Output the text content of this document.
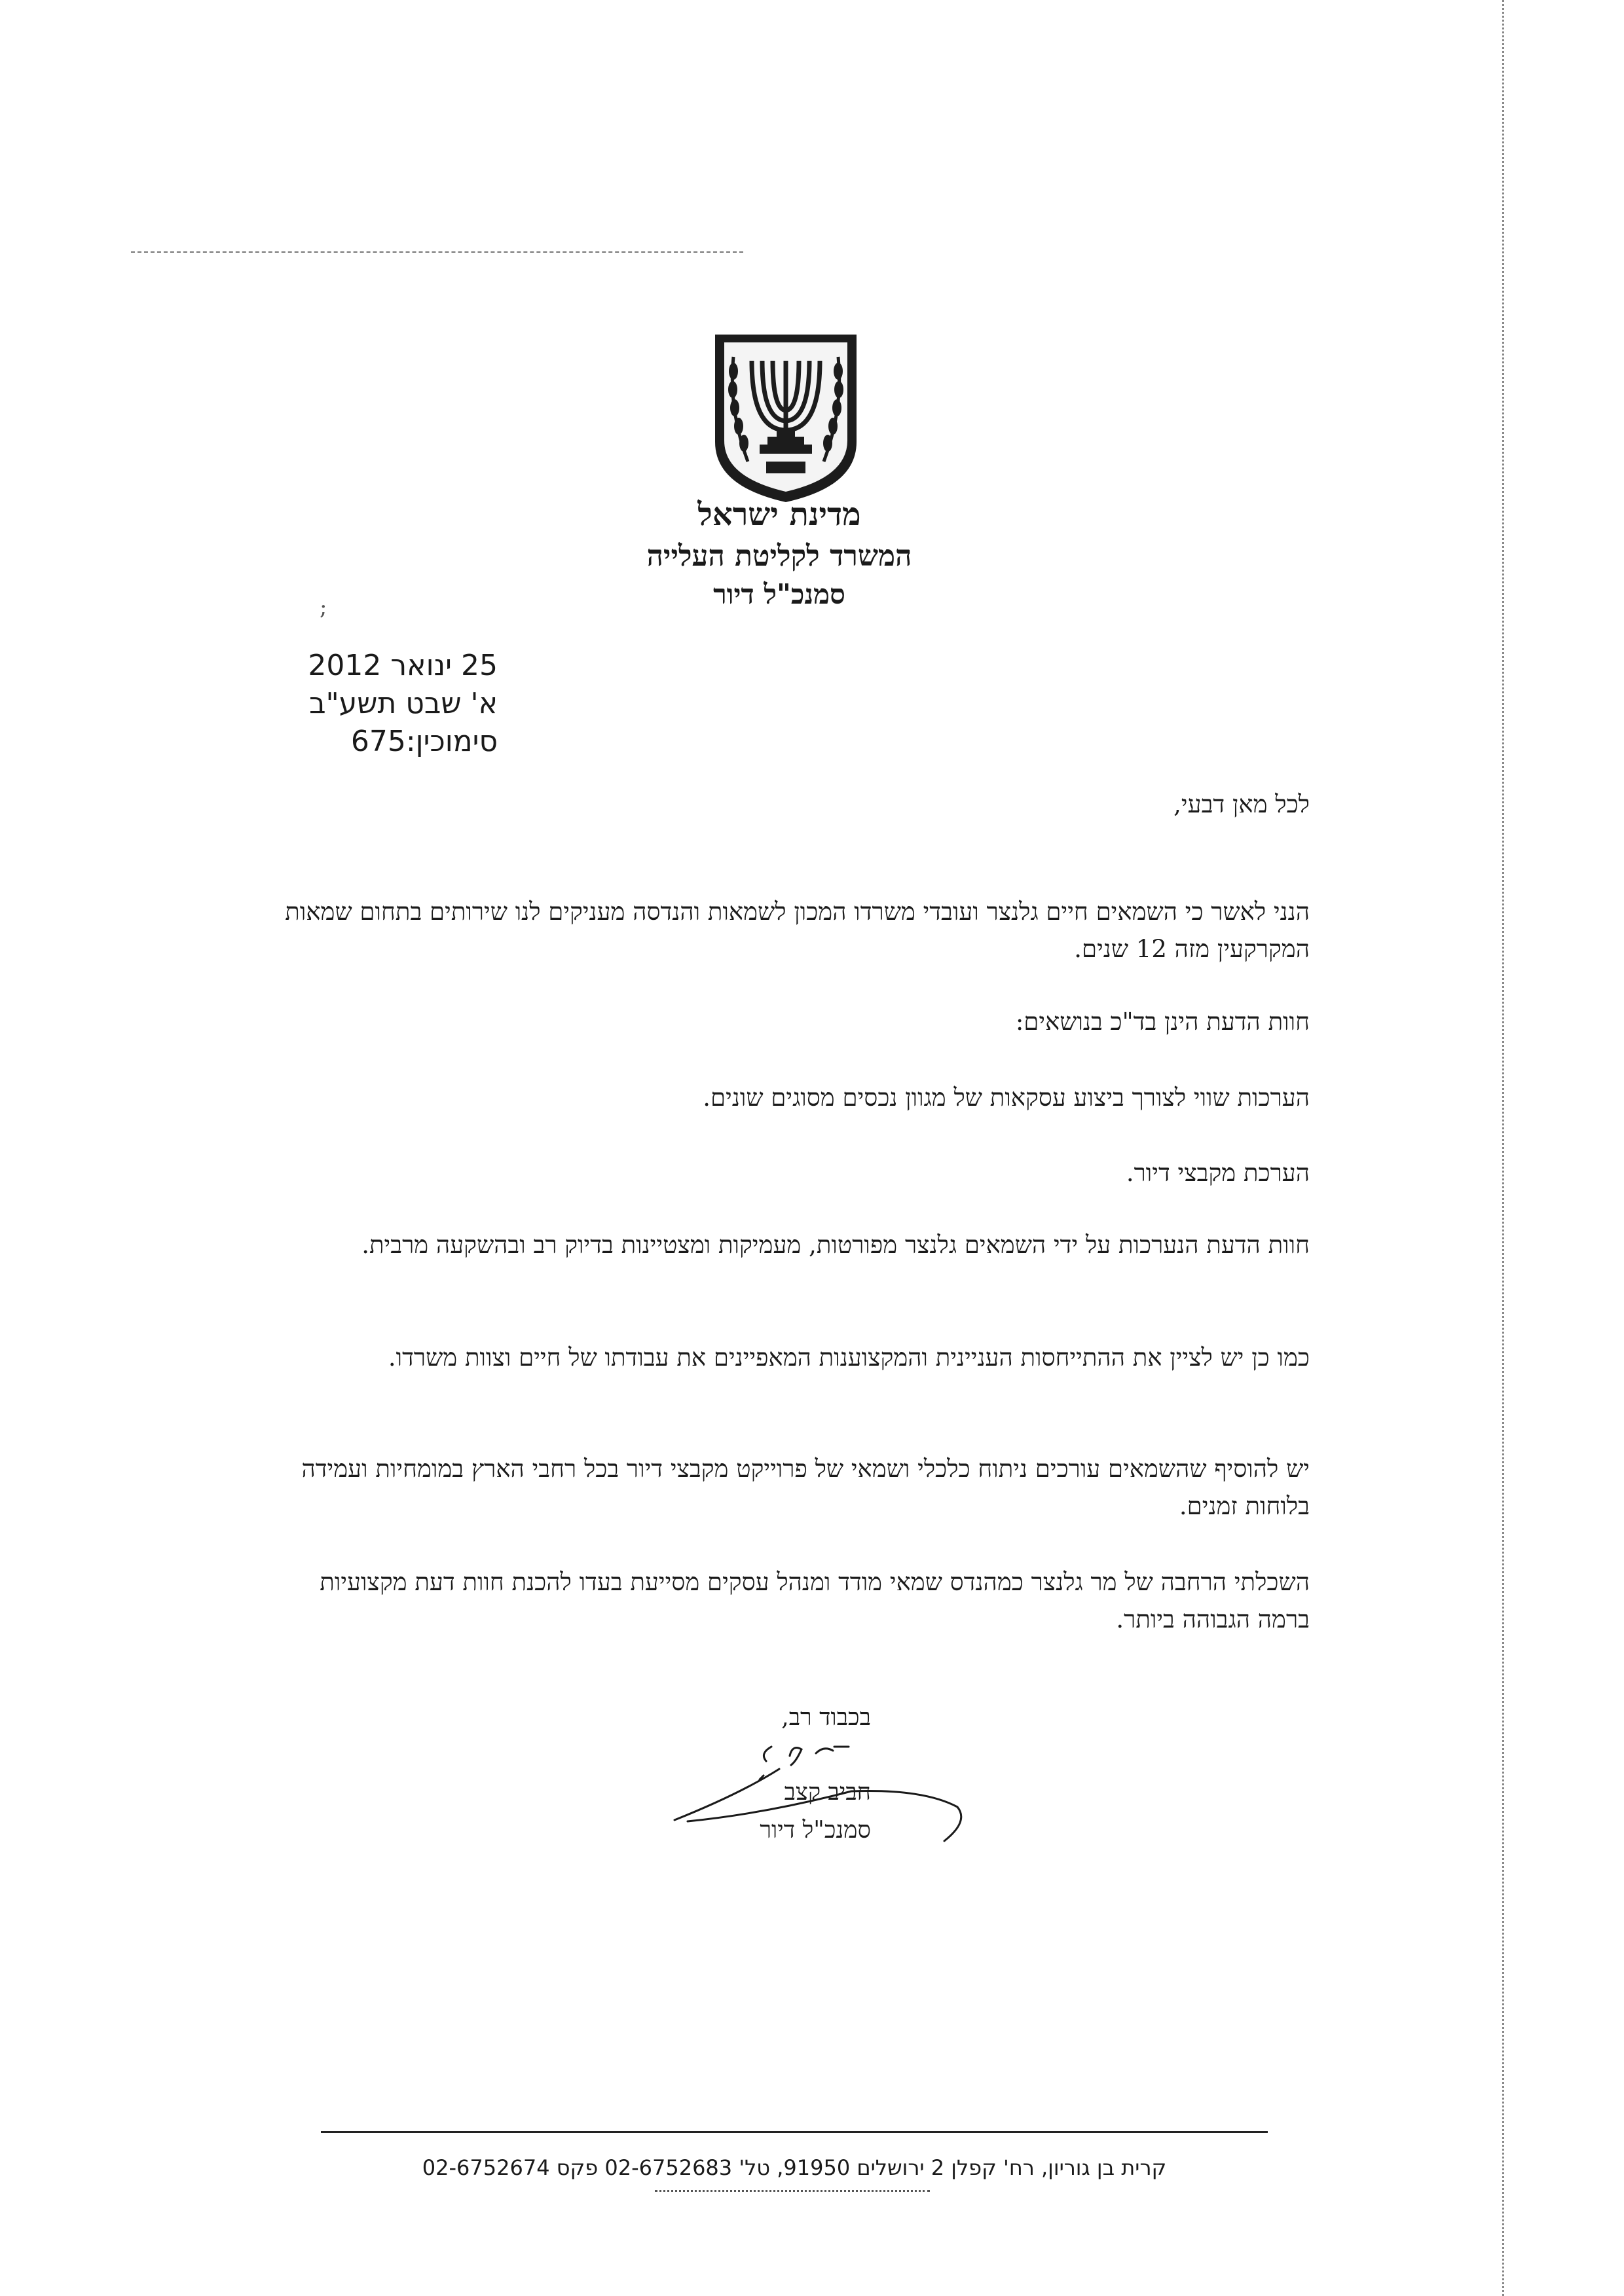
מדינת ישראל
המשרד לקליטת העלייה
סמנכ"ל דיור
;
25 ינואר 2012
א' שבט תשע"ב
סימוכין:675
לכל מאן דבעי,
הנני לאשר כי השמאים חיים גלנצר ועובדי משרדו המכון לשמאות והנדסה מעניקים לנו שירותים בתחום שמאות המקרקעין מזה 12 שנים.
חוות הדעת הינן בד"כ בנושאים:
הערכות שווי לצורך ביצוע עסקאות של מגוון נכסים מסוגים שונים.
הערכת מקבצי דיור.
חוות הדעת הנערכות על ידי השמאים גלנצר מפורטות, מעמיקות ומצטיינות בדיוק רב ובהשקעה מרבית.
כמו כן יש לציין את ההתייחסות העניינית והמקצוענות המאפיינים את עבודתו של חיים וצוות משרדו.
יש להוסיף שהשמאים עורכים ניתוח כלכלי ושמאי של פרוייקט מקבצי דיור בכל רחבי הארץ במומחיות ועמידה בלוחות זמנים.
השכלתי הרחבה של מר גלנצר כמהנדס שמאי מודד ומנהל עסקים מסייעת בעדו להכנת חוות דעת מקצועיות ברמה הגבוהה ביותר.
בכבוד רב,
חביב קצב
סמנכ"ל דיור
קרית בן גוריון, רח' קפלן 2 ירושלים 91950, טל' 02-6752683 פקס 02-6752674
